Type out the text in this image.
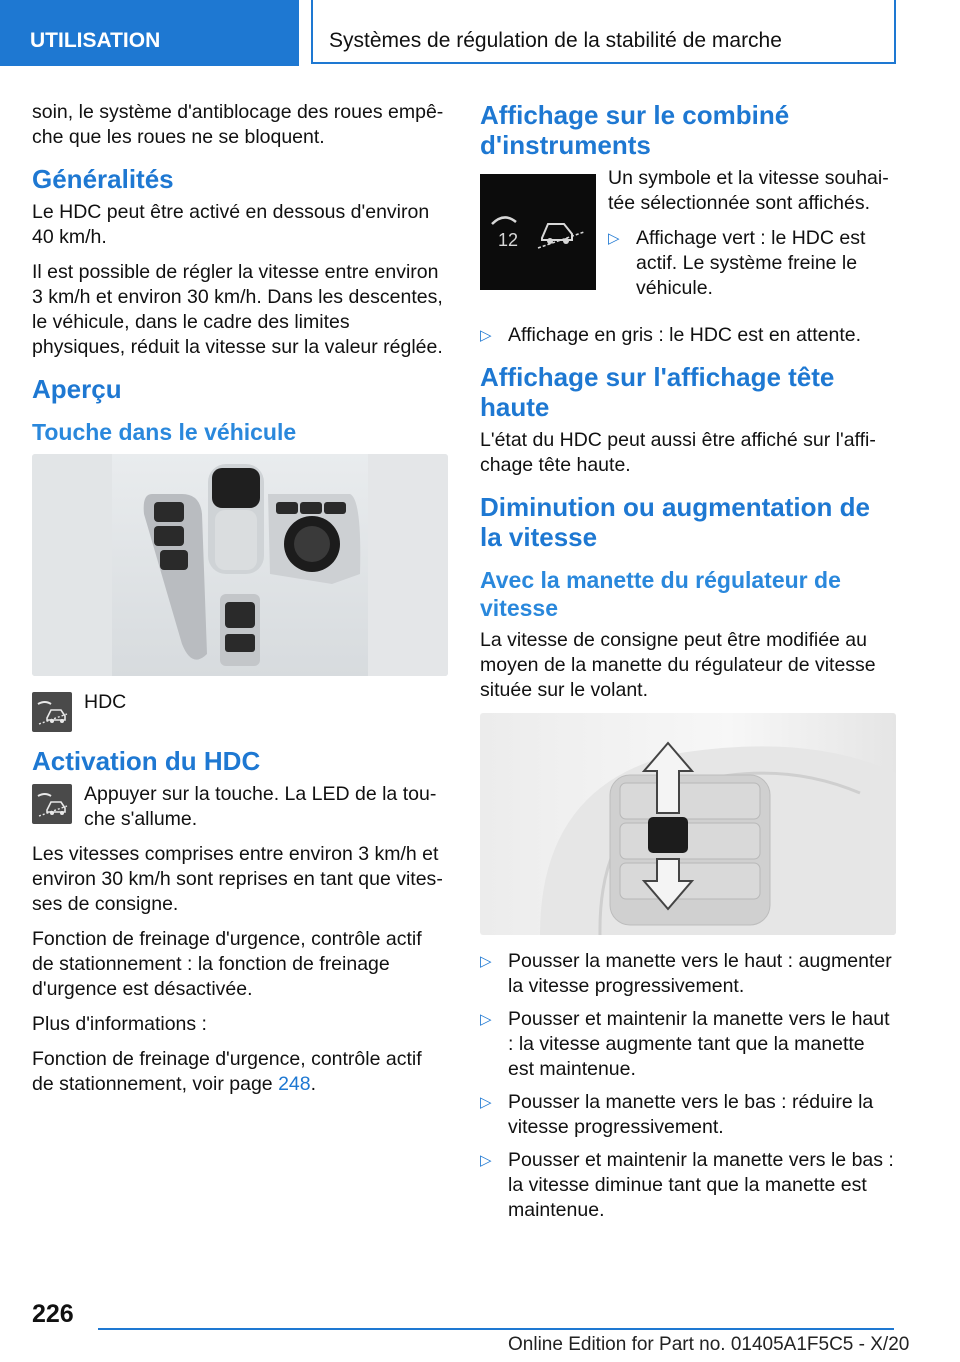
UTILISATION	Systèmes de régulation de la stabilité de marche

soin, le système d'antiblocage des roues empêche que les roues ne se bloquent.

Généralités

Le HDC peut être activé en dessous d'environ 40 km/h.

Il est possible de régler la vitesse entre environ 3 km/h et environ 30 km/h. Dans les descentes, le véhicule, dans le cadre des limites physiques, réduit la vitesse sur la valeur réglée.

Aperçu
Touche dans le véhicule
HDC
Activation du HDC
Appuyer sur la touche. La LED de la touche s'allume.

Les vitesses comprises entre environ 3 km/h et environ 30 km/h sont reprises en tant que vitesses de consigne.

Fonction de freinage d'urgence, contrôle actif de stationnement : la fonction de freinage d'urgence est désactivée.

Plus d'informations :

Fonction de freinage d'urgence, contrôle actif de stationnement, voir page 248.

Affichage sur le combiné d'instruments
12

Un symbole et la vitesse souhaitée sélectionnée sont affichés.

▷ Affichage vert : le HDC est actif. Le système freine le véhicule.
▷ Affichage en gris : le HDC est en attente.
Affichage sur l'affichage tête haute

L'état du HDC peut aussi être affiché sur l'affichage tête haute.

Diminution ou augmentation de la vitesse
Avec la manette du régulateur de vitesse

La vitesse de consigne peut être modifiée au moyen de la manette du régulateur de vitesse située sur le volant.

▷ Pousser la manette vers le haut : augmenter la vitesse progressivement.
▷ Pousser et maintenir la manette vers le haut : la vitesse augmente tant que la manette est maintenue.
▷ Pousser la manette vers le bas : réduire la vitesse progressivement.
▷ Pousser et maintenir la manette vers le bas : la vitesse diminue tant que la manette est maintenue.
226
Online Edition for Part no. 01405A1F5C5 - X/20
